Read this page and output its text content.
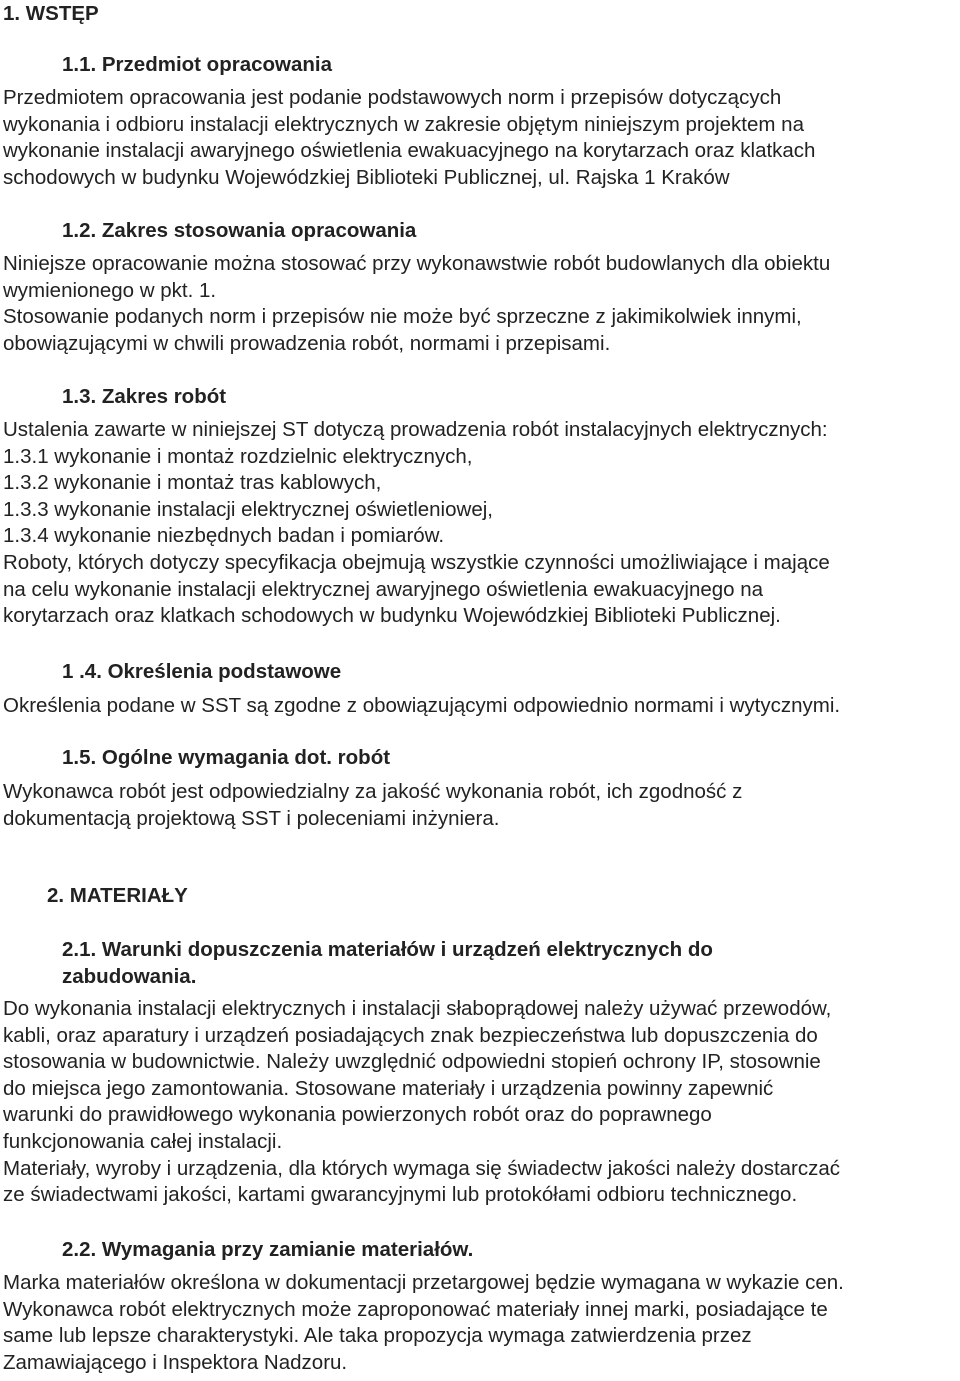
1. WSTĘP
1.1. Przedmiot opracowania
Przedmiotem opracowania jest podanie podstawowych norm i przepisów dotyczących
wykonania i odbioru instalacji elektrycznych w zakresie objętym niniejszym projektem na
wykonanie instalacji awaryjnego oświetlenia ewakuacyjnego na korytarzach oraz klatkach
schodowych w budynku Wojewódzkiej Biblioteki Publicznej, ul. Rajska 1 Kraków
1.2. Zakres stosowania opracowania
Niniejsze opracowanie można stosować przy wykonawstwie robót budowlanych dla obiektu
wymienionego w pkt. 1.
Stosowanie podanych norm i przepisów nie może być sprzeczne z jakimikolwiek innymi,
obowiązującymi w chwili prowadzenia robót, normami i przepisami.
1.3. Zakres robót
Ustalenia zawarte w niniejszej ST dotyczą prowadzenia robót instalacyjnych elektrycznych:
1.3.1 wykonanie i montaż rozdzielnic elektrycznych,
1.3.2 wykonanie i montaż tras kablowych,
1.3.3 wykonanie instalacji elektrycznej oświetleniowej,
1.3.4 wykonanie niezbędnych badan i pomiarów.
Roboty, których dotyczy specyfikacja obejmują wszystkie czynności umożliwiające i mające
na celu wykonanie instalacji elektrycznej awaryjnego oświetlenia ewakuacyjnego na
korytarzach oraz klatkach schodowych w budynku Wojewódzkiej Biblioteki Publicznej.
1 .4. Określenia podstawowe
Określenia podane w SST są zgodne z obowiązującymi odpowiednio normami i wytycznymi.
1.5. Ogólne wymagania dot. robót
Wykonawca robót jest odpowiedzialny za jakość wykonania robót, ich zgodność z
dokumentacją projektową SST i poleceniami inżyniera.
2. MATERIAŁY
2.1. Warunki dopuszczenia materiałów i urządzeń elektrycznych do
zabudowania.
Do wykonania instalacji elektrycznych i instalacji słaboprądowej należy używać przewodów,
kabli, oraz aparatury i urządzeń posiadających znak bezpieczeństwa lub dopuszczenia do
stosowania w budownictwie. Należy uwzględnić odpowiedni stopień ochrony IP, stosownie
do miejsca jego zamontowania. Stosowane materiały i urządzenia powinny zapewnić
warunki do prawidłowego wykonania powierzonych robót oraz do poprawnego
funkcjonowania całej instalacji.
Materiały, wyroby i urządzenia, dla których wymaga się świadectw jakości należy dostarczać
ze świadectwami jakości, kartami gwarancyjnymi lub protokółami odbioru technicznego.
2.2. Wymagania przy zamianie materiałów.
Marka materiałów określona w dokumentacji przetargowej będzie wymagana w wykazie cen.
Wykonawca robót elektrycznych może zaproponować materiały innej marki, posiadające te
same lub lepsze charakterystyki. Ale taka propozycja wymaga zatwierdzenia przez
Zamawiającego i Inspektora Nadzoru.
